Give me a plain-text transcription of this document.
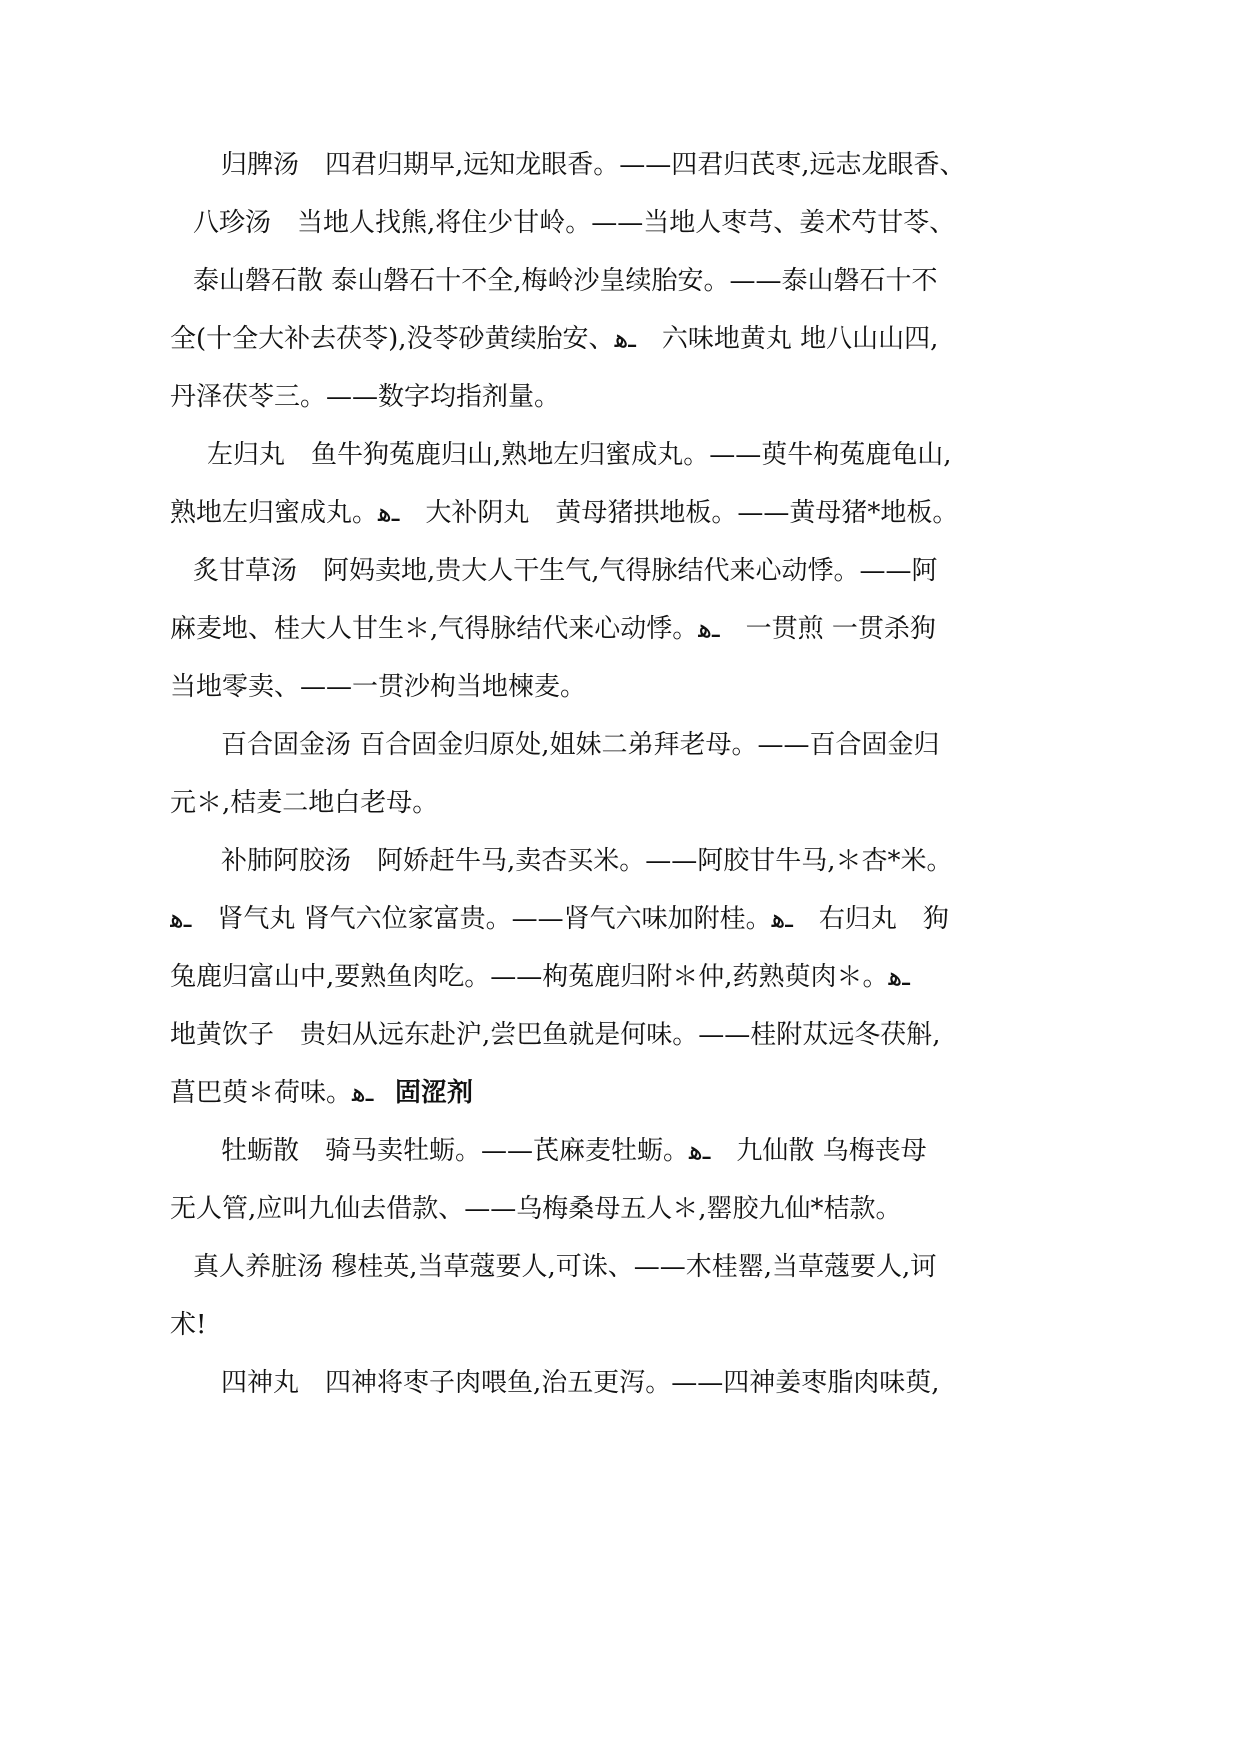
归脾汤　四君归期早,远知龙眼香。——四君归芪枣,远志龙眼香、
八珍汤　当地人找熊,将住少甘岭。——当地人枣芎、姜术芍甘苓、
泰山磐石散 泰山磐石十不全,梅岭沙皇续胎安。——泰山磐石十不
全(十全大补去茯苓),没苓砂黄续胎安、ـﻫ　六味地黄丸 地八山山四,
丹泽茯苓三。——数字均指剂量。
左归丸　鱼牛狗菟鹿归山,熟地左归蜜成丸。——萸牛枸菟鹿龟山,
熟地左归蜜成丸。ـﻫ　大补阴丸　黄母猪拱地板。——黄母猪*地板。
炙甘草汤　阿妈卖地,贵大人干生气,气得脉结代来心动悸。——阿
麻麦地、桂大人甘生＊,气得脉结代来心动悸。ـﻫ　一贯煎 一贯杀狗
当地零卖、——一贯沙枸当地楝麦。
百合固金汤 百合固金归原处,姐妹二弟拜老母。——百合固金归
元＊,桔麦二地白老母。
补肺阿胶汤　阿娇赶牛马,卖杏买米。——阿胶甘牛马,＊杏*米。
ـﻫ　肾气丸 肾气六位家富贵。——肾气六味加附桂。ـﻫ　右归丸　狗
兔鹿归富山中,要熟鱼肉吃。——枸菟鹿归附＊仲,药熟萸肉＊。ـﻫ
地黄饮子　贵妇从远东赴沪,尝巴鱼就是何味。——桂附苁远冬茯斛,
菖巴萸＊荷味。ـﻫ　
固涩剂
牡蛎散　骑马卖牡蛎。——芪麻麦牡蛎。ـﻫ　九仙散 乌梅丧母
无人管,应叫九仙去借款、——乌梅桑母五人＊,罂胶九仙*桔款。
真人养脏汤 穆桂英,当草蔻要人,可诛、——木桂罂,当草蔻要人,诃
术!
四神丸　四神将枣子肉喂鱼,治五更泻。——四神姜枣脂肉味萸,
